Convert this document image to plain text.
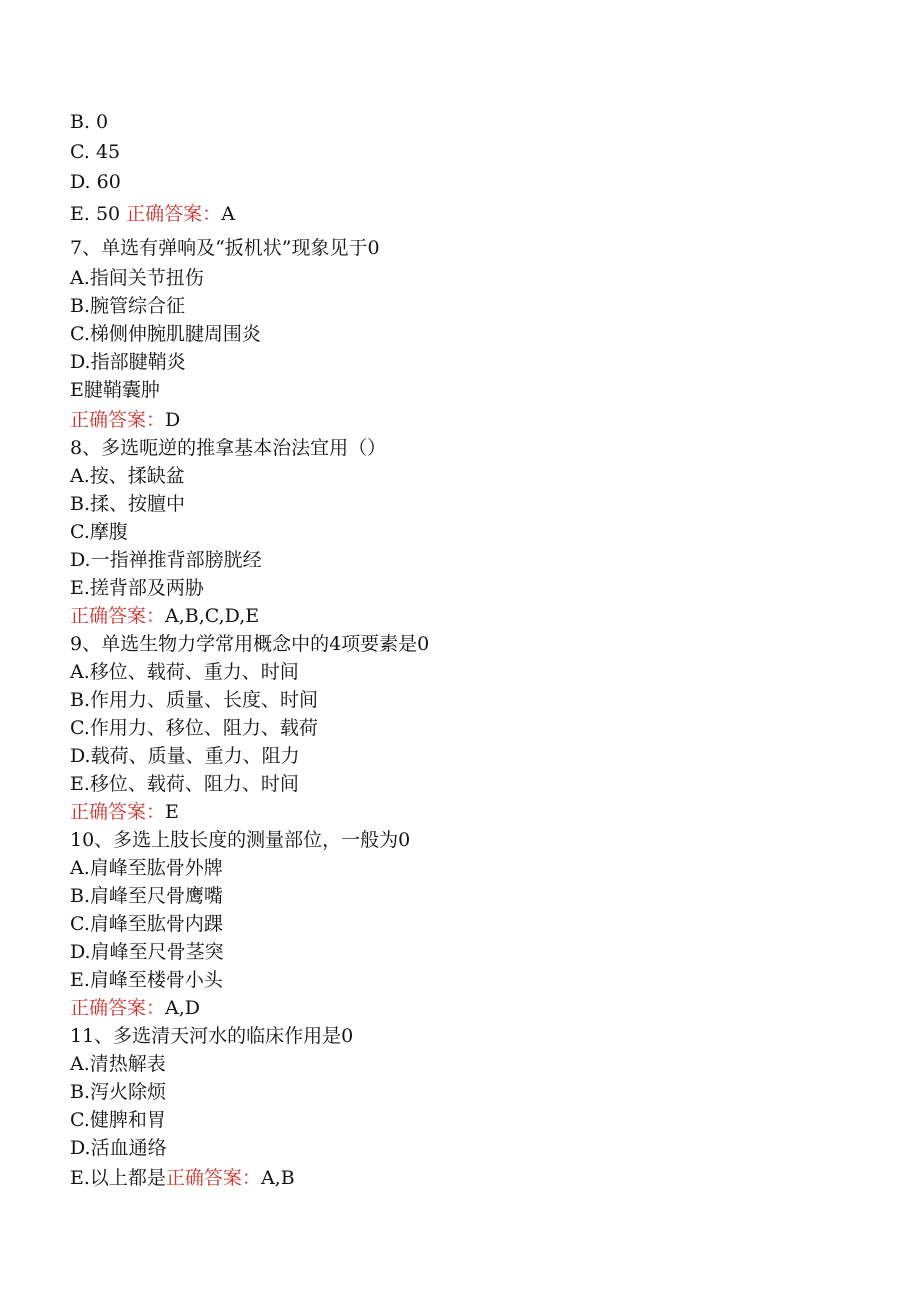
B. 0
C. 45
D. 60
E. 50 正确答案：A
7、单选有弹响及“扳机状”现象见于0
A.指间关节扭伤
B.腕管综合征
C.梯侧伸腕肌腱周围炎
D.指部腱鞘炎
E腱鞘囊肿
正确答案：D
8、多选呃逆的推拿基本治法宜用（）
A.按、揉缺盆
B.揉、按膻中
C.摩腹
D.一指禅推背部膀胱经
E.搓背部及两胁
正确答案：A,B,C,D,E
9、单选生物力学常用概念中的4项要素是0
A.移位、载荷、重力、时间
B.作用力、质量、长度、时间
C.作用力、移位、阻力、载荷
D.载荷、质量、重力、阻力
E.移位、载荷、阻力、时间
正确答案：E
10、多选上肢长度的测量部位，一般为0
A.肩峰至肱骨外牌
B.肩峰至尺骨鹰嘴
C.肩峰至肱骨内踝
D.肩峰至尺骨茎突
E.肩峰至楼骨小头
正确答案：A,D
11、多选清天河水的临床作用是0
A.清热解表
B.泻火除烦
C.健脾和胃
D.活血通络
E.以上都是正确答案：A,B
